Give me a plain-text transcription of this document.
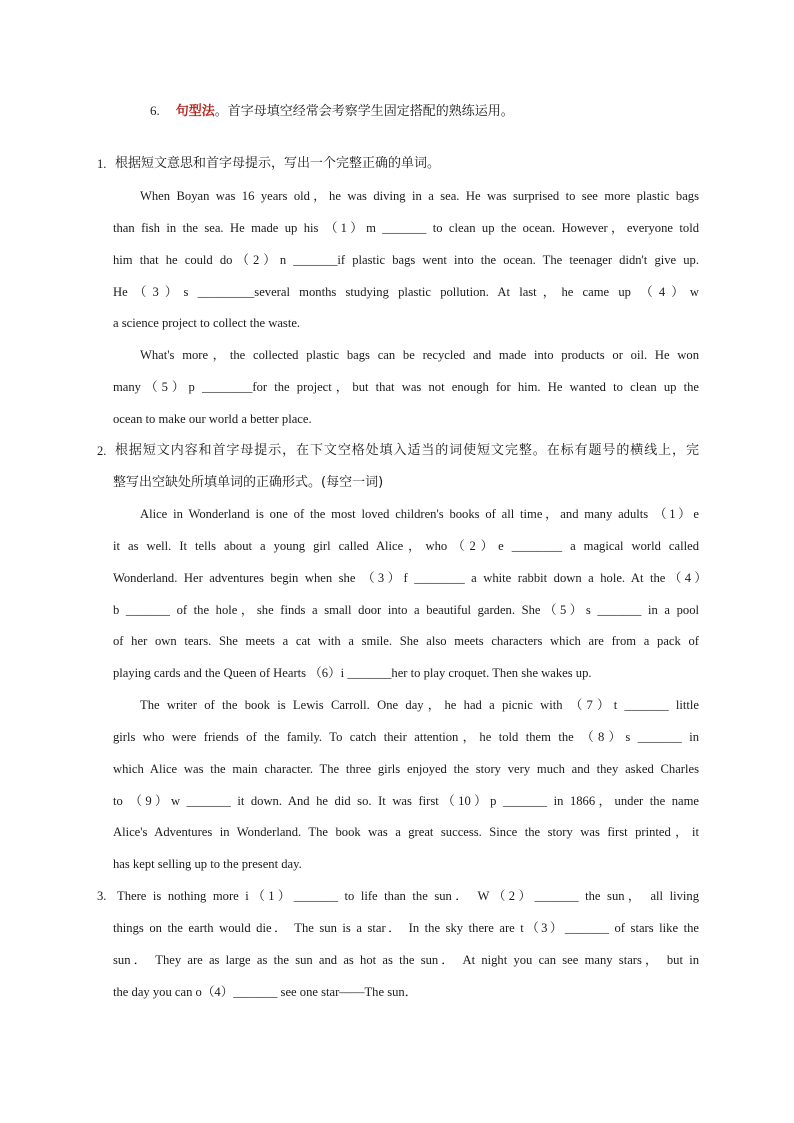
6. 句型法。首字母填空经常会考察学生固定搭配的熟练运用。
1. 根据短文意思和首字母提示，写出一个完整正确的单词。
When Boyan was 16 years old，he was diving in a sea. He was surprised to see more plastic bags
than fish in the sea. He made up his （1）m _______ to clean up the ocean. However，everyone told
him that he could do（2）n _______if plastic bags went into the ocean. The teenager didn't give up.
He（3）s _________several months studying plastic pollution. At last，he came up （4）w
a science project to collect the waste.
What's more，the collected plastic bags can be recycled and made into products or oil. He won
many（5）p ________for the project，but that was not enough for him. He wanted to clean up the
ocean to make our world a better place.
2. 根据短文内容和首字母提示，在下文空格处填入适当的词使短文完整。在标有题号的横线上，完
整写出空缺处所填单词的正确形式。(每空一词)
Alice in Wonderland is one of the most loved children's books of all time，and many adults （1）e
it as well. It tells about a young girl called Alice，who（2）e ________ a magical world called
Wonderland. Her adventures begin when she （3）f ________ a white rabbit down a hole. At the（4）
b _______ of the hole，she finds a small door into a beautiful garden. She（5）s _______ in a pool
of her own tears. She meets a cat with a smile. She also meets characters which are from a pack of
playing cards and the Queen of Hearts （6）i _______her to play croquet. Then she wakes up.
The writer of the book is Lewis Carroll. One day，he had a picnic with （7）t _______ little
girls who were friends of the family. To catch their attention，he told them the （8）s _______ in
which Alice was the main character. The three girls enjoyed the story very much and they asked Charles
to （9）w _______ it down. And he did so. It was first（10）p _______ in 1866，under the name
Alice's Adventures in Wonderland. The book was a great success. Since the story was first printed，it
has kept selling up to the present day.
3. There is nothing more i（1）_______ to life than the sun． W（2）_______ the sun， all living
things on the earth would die． The sun is a star． In the sky there are t（3）_______ of stars like the
sun． They are as large as the sun and as hot as the sun． At night you can see many stars， but in
the day you can o（4）_______ see one star——The sun．
